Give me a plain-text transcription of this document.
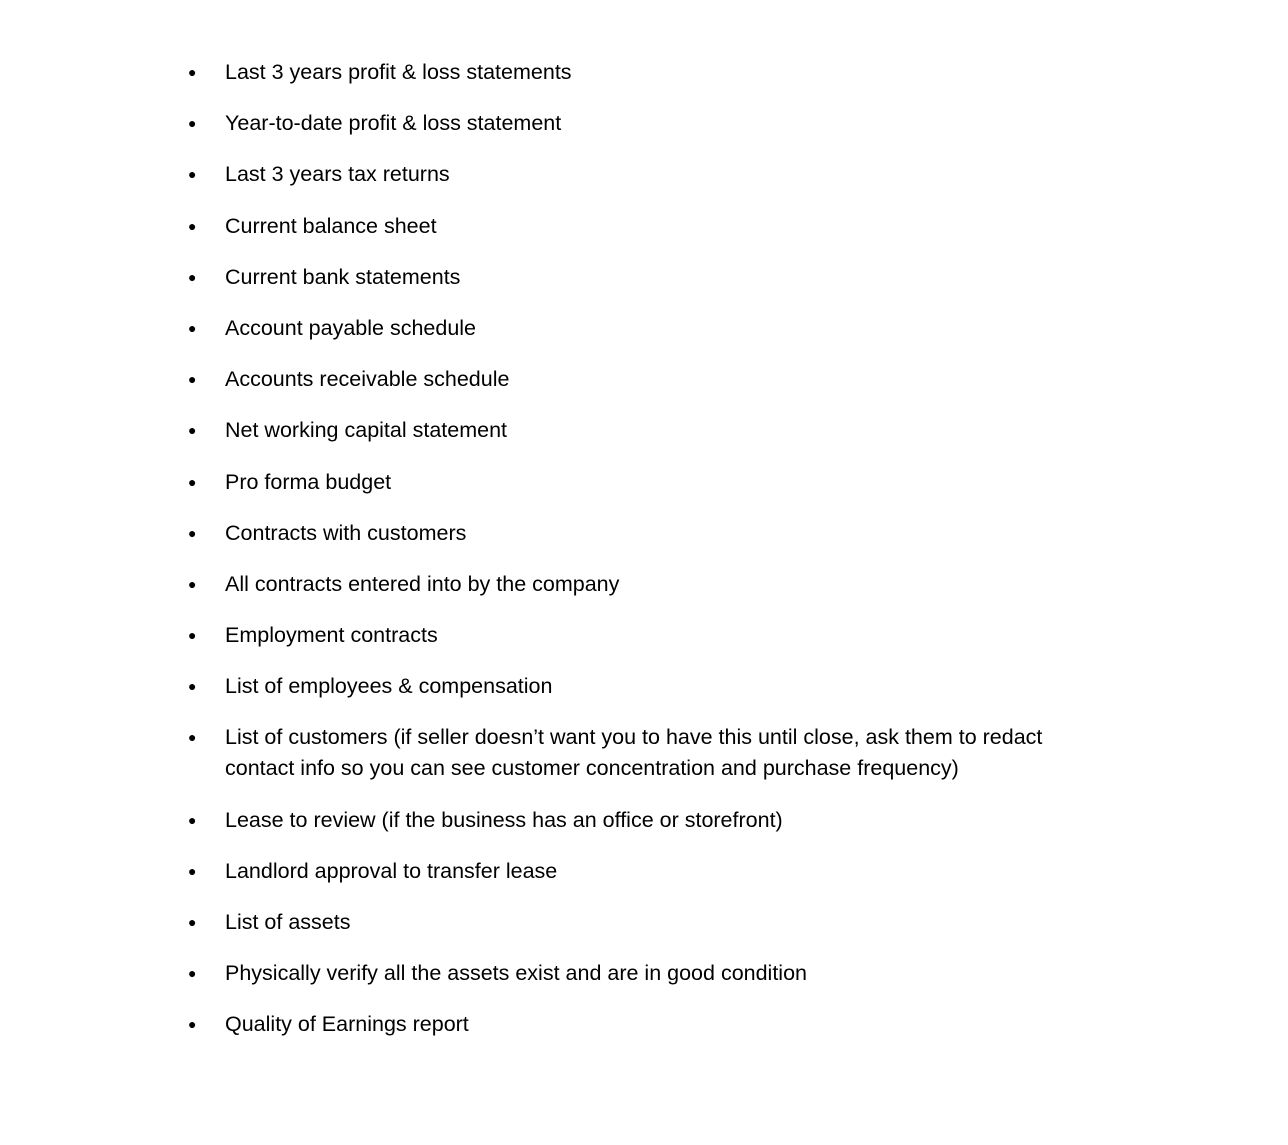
●	Last 3 years profit & loss statements
●	Year-to-date profit & loss statement
●	Last 3 years tax returns
●	Current balance sheet
●	Current bank statements
●	Account payable schedule
●	Accounts receivable schedule
●	Net working capital statement
●	Pro forma budget
●	Contracts with customers
●	All contracts entered into by the company
●	Employment contracts
●	List of employees & compensation
●	List of customers (if seller doesn’t want you to have this until close, ask them to redact contact info so you can see customer concentration and purchase frequency)
●	Lease to review (if the business has an office or storefront)
●	Landlord approval to transfer lease
●	List of assets
●	Physically verify all the assets exist and are in good condition
●	Quality of Earnings report
